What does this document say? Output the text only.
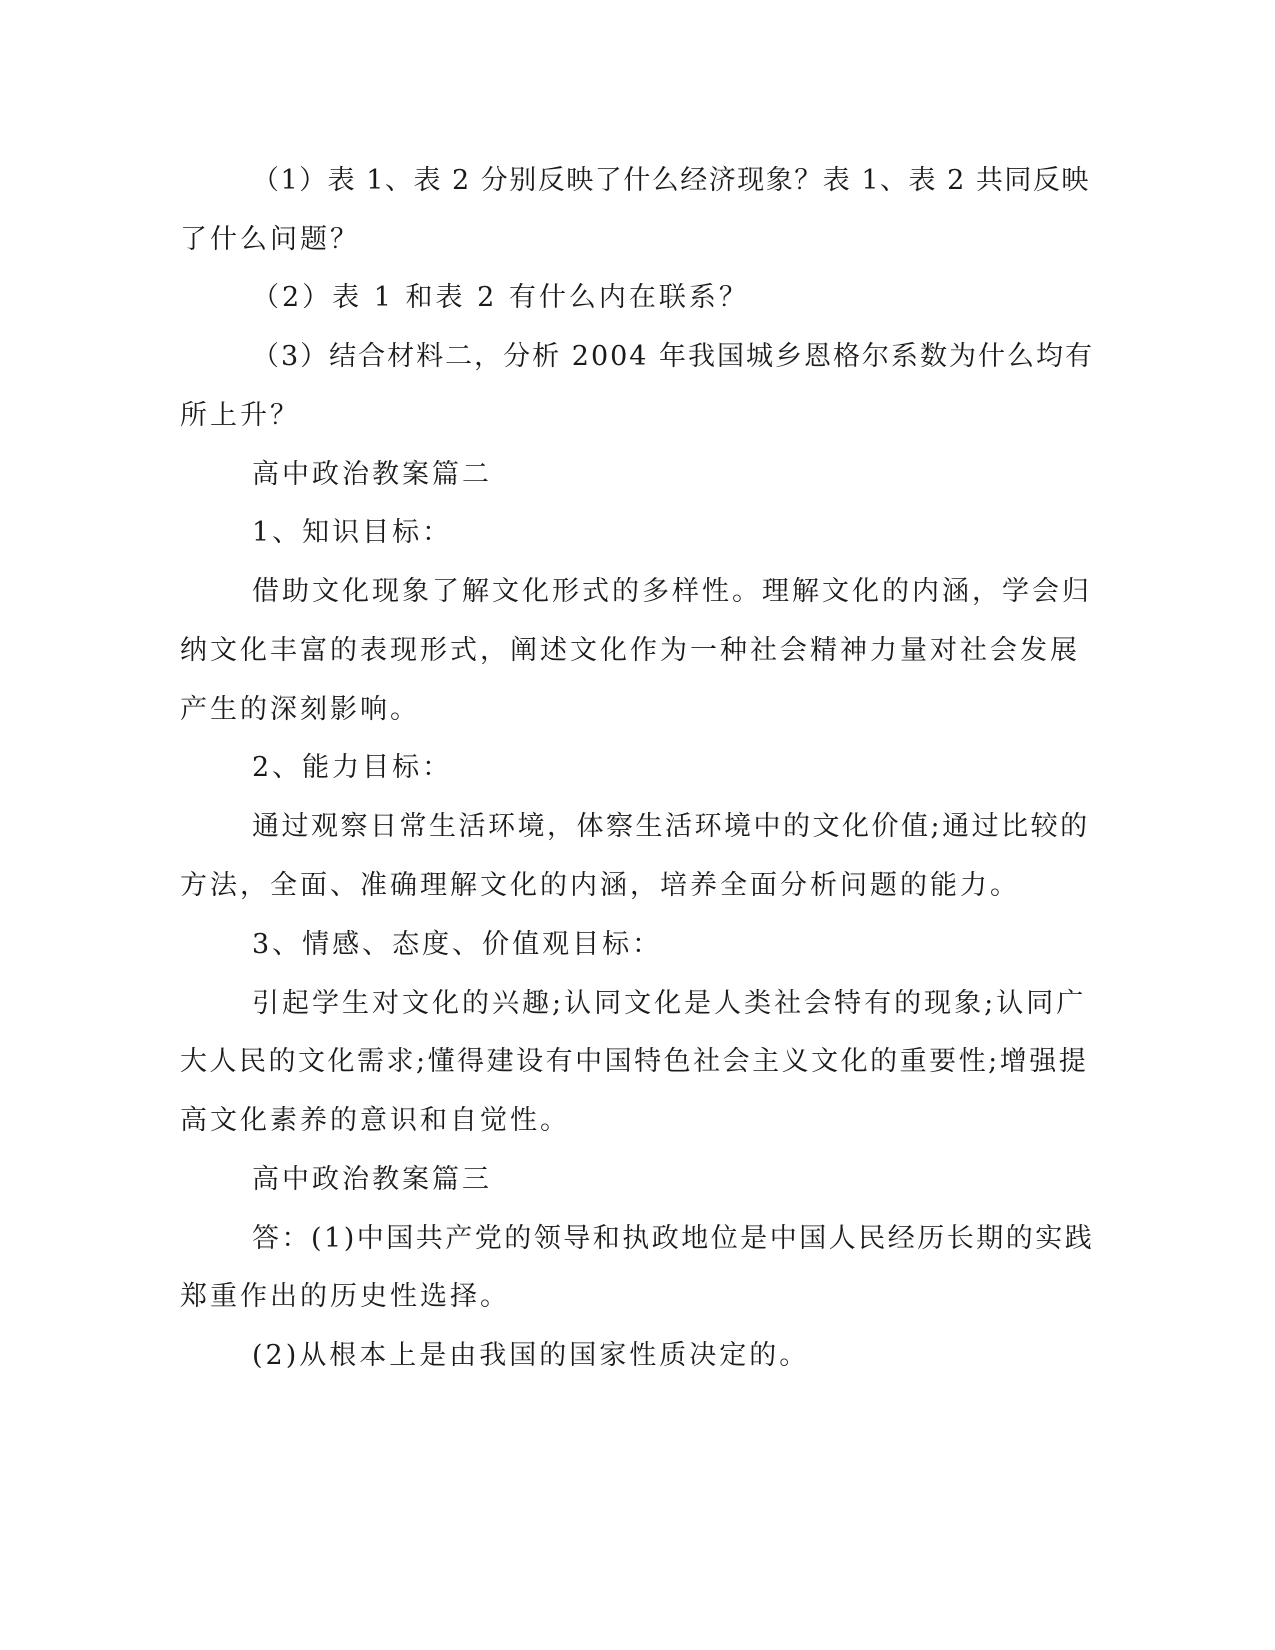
（1）表 1、表 2 分别反映了什么经济现象？表 1、表 2 共同反映
了什么问题？
（2）表 1 和表 2 有什么内在联系？
（3）结合材料二，分析 2004 年我国城乡恩格尔系数为什么均有
所上升？
高中政治教案篇二
1、知识目标：
借助文化现象了解文化形式的多样性。理解文化的内涵，学会归
纳文化丰富的表现形式，阐述文化作为一种社会精神力量对社会发展
产生的深刻影响。
2、能力目标：
通过观察日常生活环境，体察生活环境中的文化价值;通过比较的
方法，全面、准确理解文化的内涵，培养全面分析问题的能力。
3、情感、态度、价值观目标：
引起学生对文化的兴趣;认同文化是人类社会特有的现象;认同广
大人民的文化需求;懂得建设有中国特色社会主义文化的重要性;增强提
高文化素养的意识和自觉性。
高中政治教案篇三
答：(1)中国共产党的领导和执政地位是中国人民经历长期的实践
郑重作出的历史性选择。
(2)从根本上是由我国的国家性质决定的。
